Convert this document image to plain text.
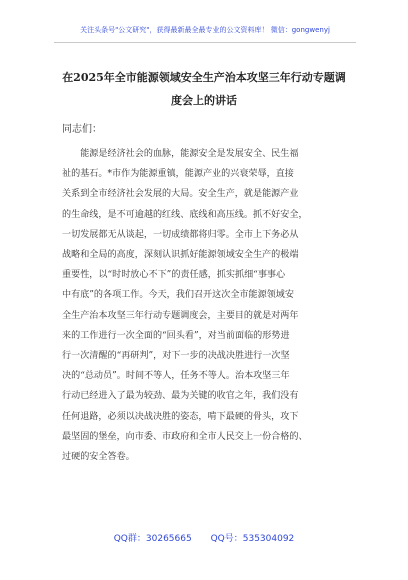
关注头条号"公文研究"，获得最新最全最专业的公文资料库！ 微信：gongwenyj
在2025年全市能源领域安全生产治本攻坚三年行动专题调
度会上的讲话
同志们：
　　能源是经济社会的血脉，能源安全是发展安全、民生福
祉的基石。*市作为能源重镇，能源产业的兴衰荣辱，直接
关系到全市经济社会发展的大局。安全生产，就是能源产业
的生命线，是不可逾越的红线、底线和高压线。抓不好安全，
一切发展都无从谈起，一切成绩都将归零。全市上下务必从
战略和全局的高度，深刻认识抓好能源领域安全生产的极端
重要性，以“时时放心不下”的责任感，抓实抓细“事事心
中有底”的各项工作。今天，我们召开这次全市能源领域安
全生产治本攻坚三年行动专题调度会，主要目的就是对两年
来的工作进行一次全面的“回头看”，对当前面临的形势进
行一次清醒的“再研判”，对下一步的决战决胜进行一次坚
决的“总动员”。时间不等人，任务不等人。治本攻坚三年
行动已经进入了最为较劲、最为关键的收官之年，我们没有
任何退路，必须以决战决胜的姿态，啃下最硬的骨头，攻下
最坚固的堡垒，向市委、市政府和全市人民交上一份合格的、
过硬的安全答卷。
QQ群：30265665 QQ号：535304092
